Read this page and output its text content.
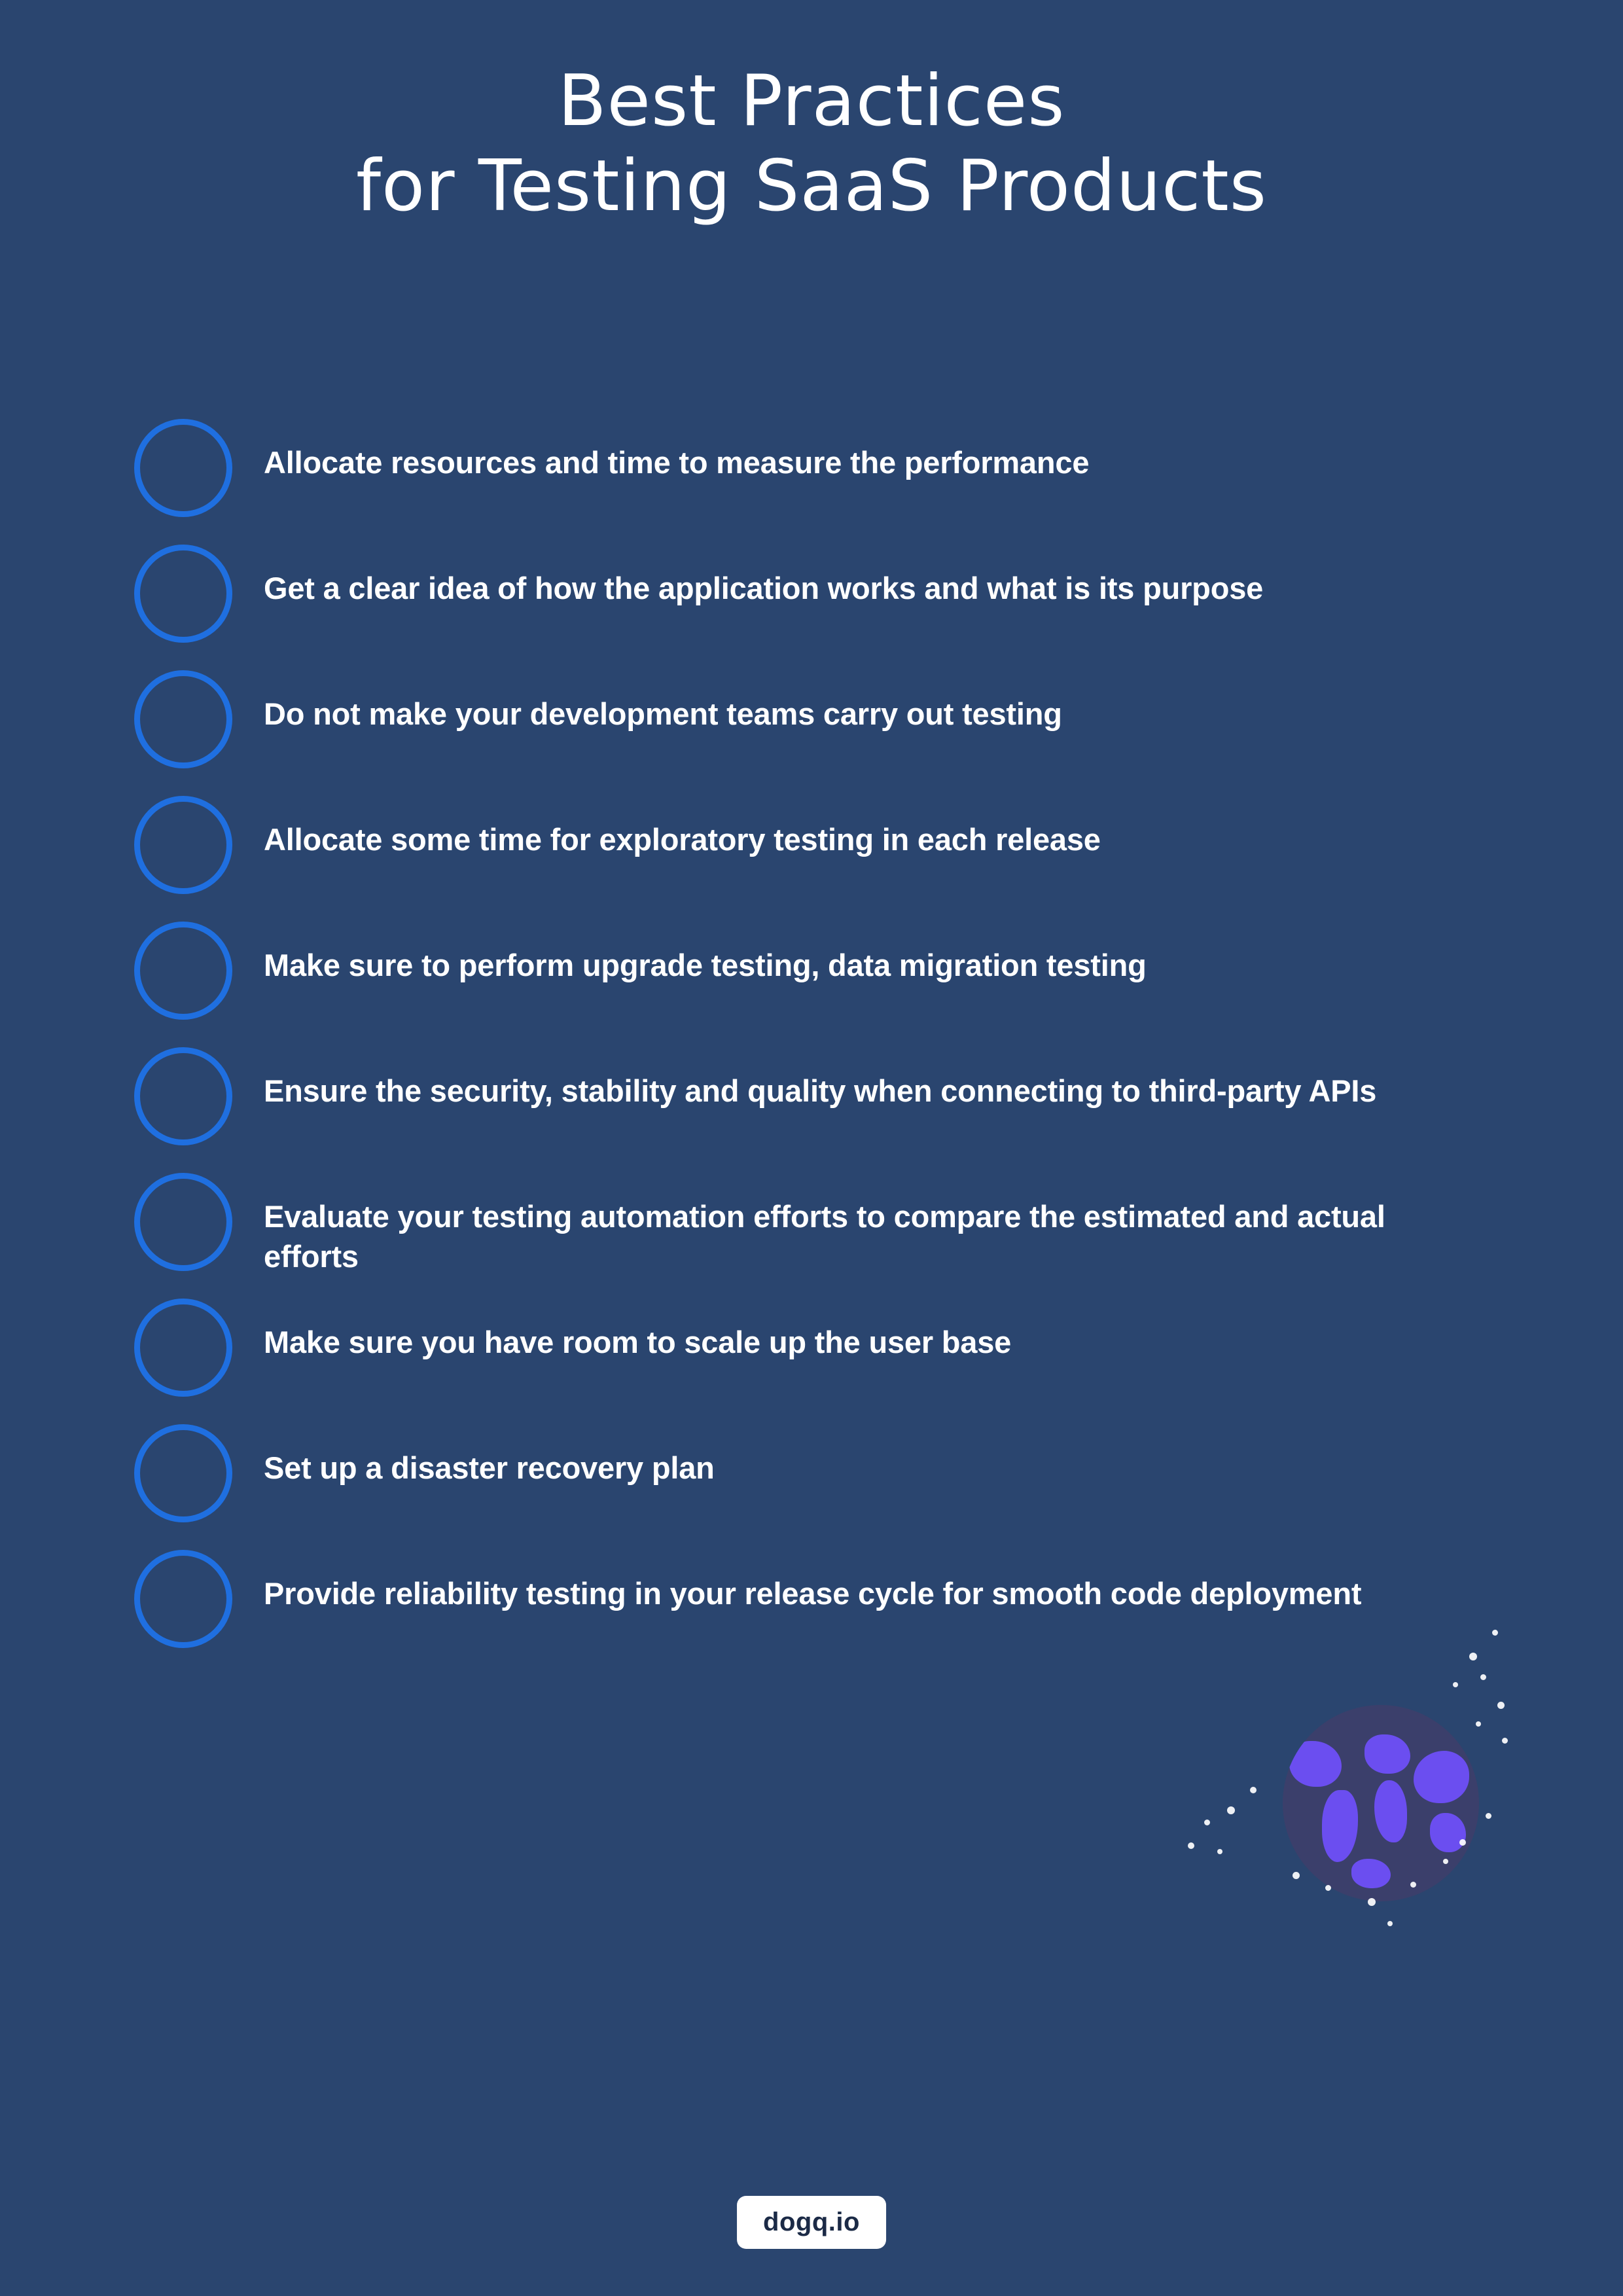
Best Practices
for Testing SaaS Products
Allocate resources and time to measure the performance
Get a clear idea of how the application works and what is its purpose
Do not make your development teams carry out testing
Allocate some time for exploratory testing in each release
Make sure to perform upgrade testing, data migration testing
Ensure the security, stability and quality when connecting to third-party APIs
Evaluate your testing automation efforts to compare the estimated and actual efforts
Make sure you have room to scale up the user base
Set up a disaster recovery plan
Provide reliability testing in your release cycle for smooth code deployment
dogq.io
